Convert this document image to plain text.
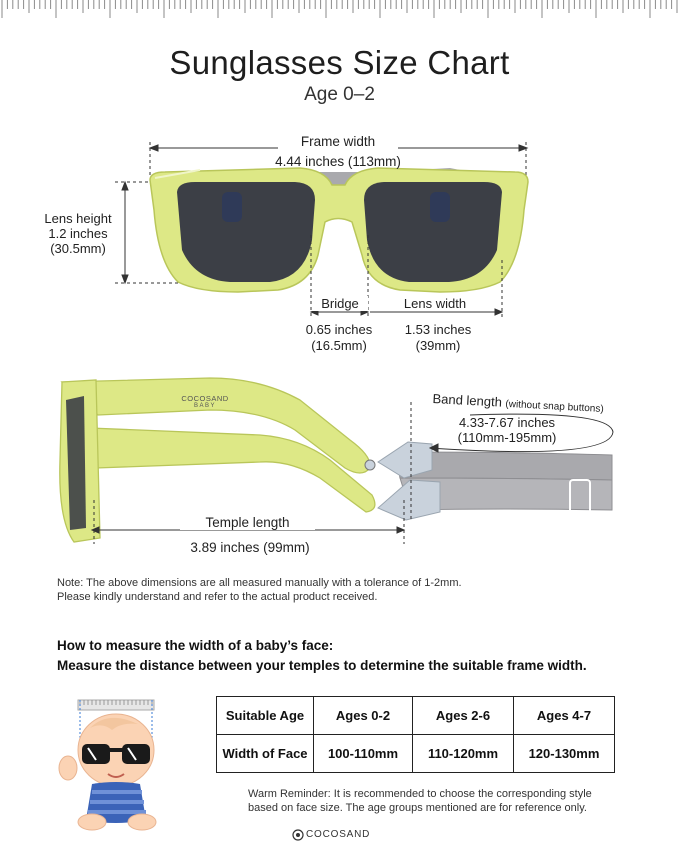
Sunglasses Size Chart
Age 0–2
Frame width
4.44 inches (113mm)
Lens height
1.2 inches
(30.5mm)
Bridge
0.65 inches
(16.5mm)
Lens width
1.53 inches
(39mm)
COCOSAND
BABY	Band length (without snap buttons)
4.33-7.67 inches
(110mm-195mm)
Temple length
3.89 inches (99mm)
Note: The above dimensions are all measured manually with a tolerance of 1-2mm.
Please kindly understand and refer to the actual product received.
How to measure the width of a baby’s face:
Measure the distance between your temples to determine the suitable frame width.
Suitable Age	Ages 0-2	Ages 2-6	Ages 4-7
Width of Face	100-110mm	110-120mm	120-130mm
Warm Reminder: It is recommended to choose the corresponding style
based on face size. The age groups mentioned are for reference only.
COCOSAND
